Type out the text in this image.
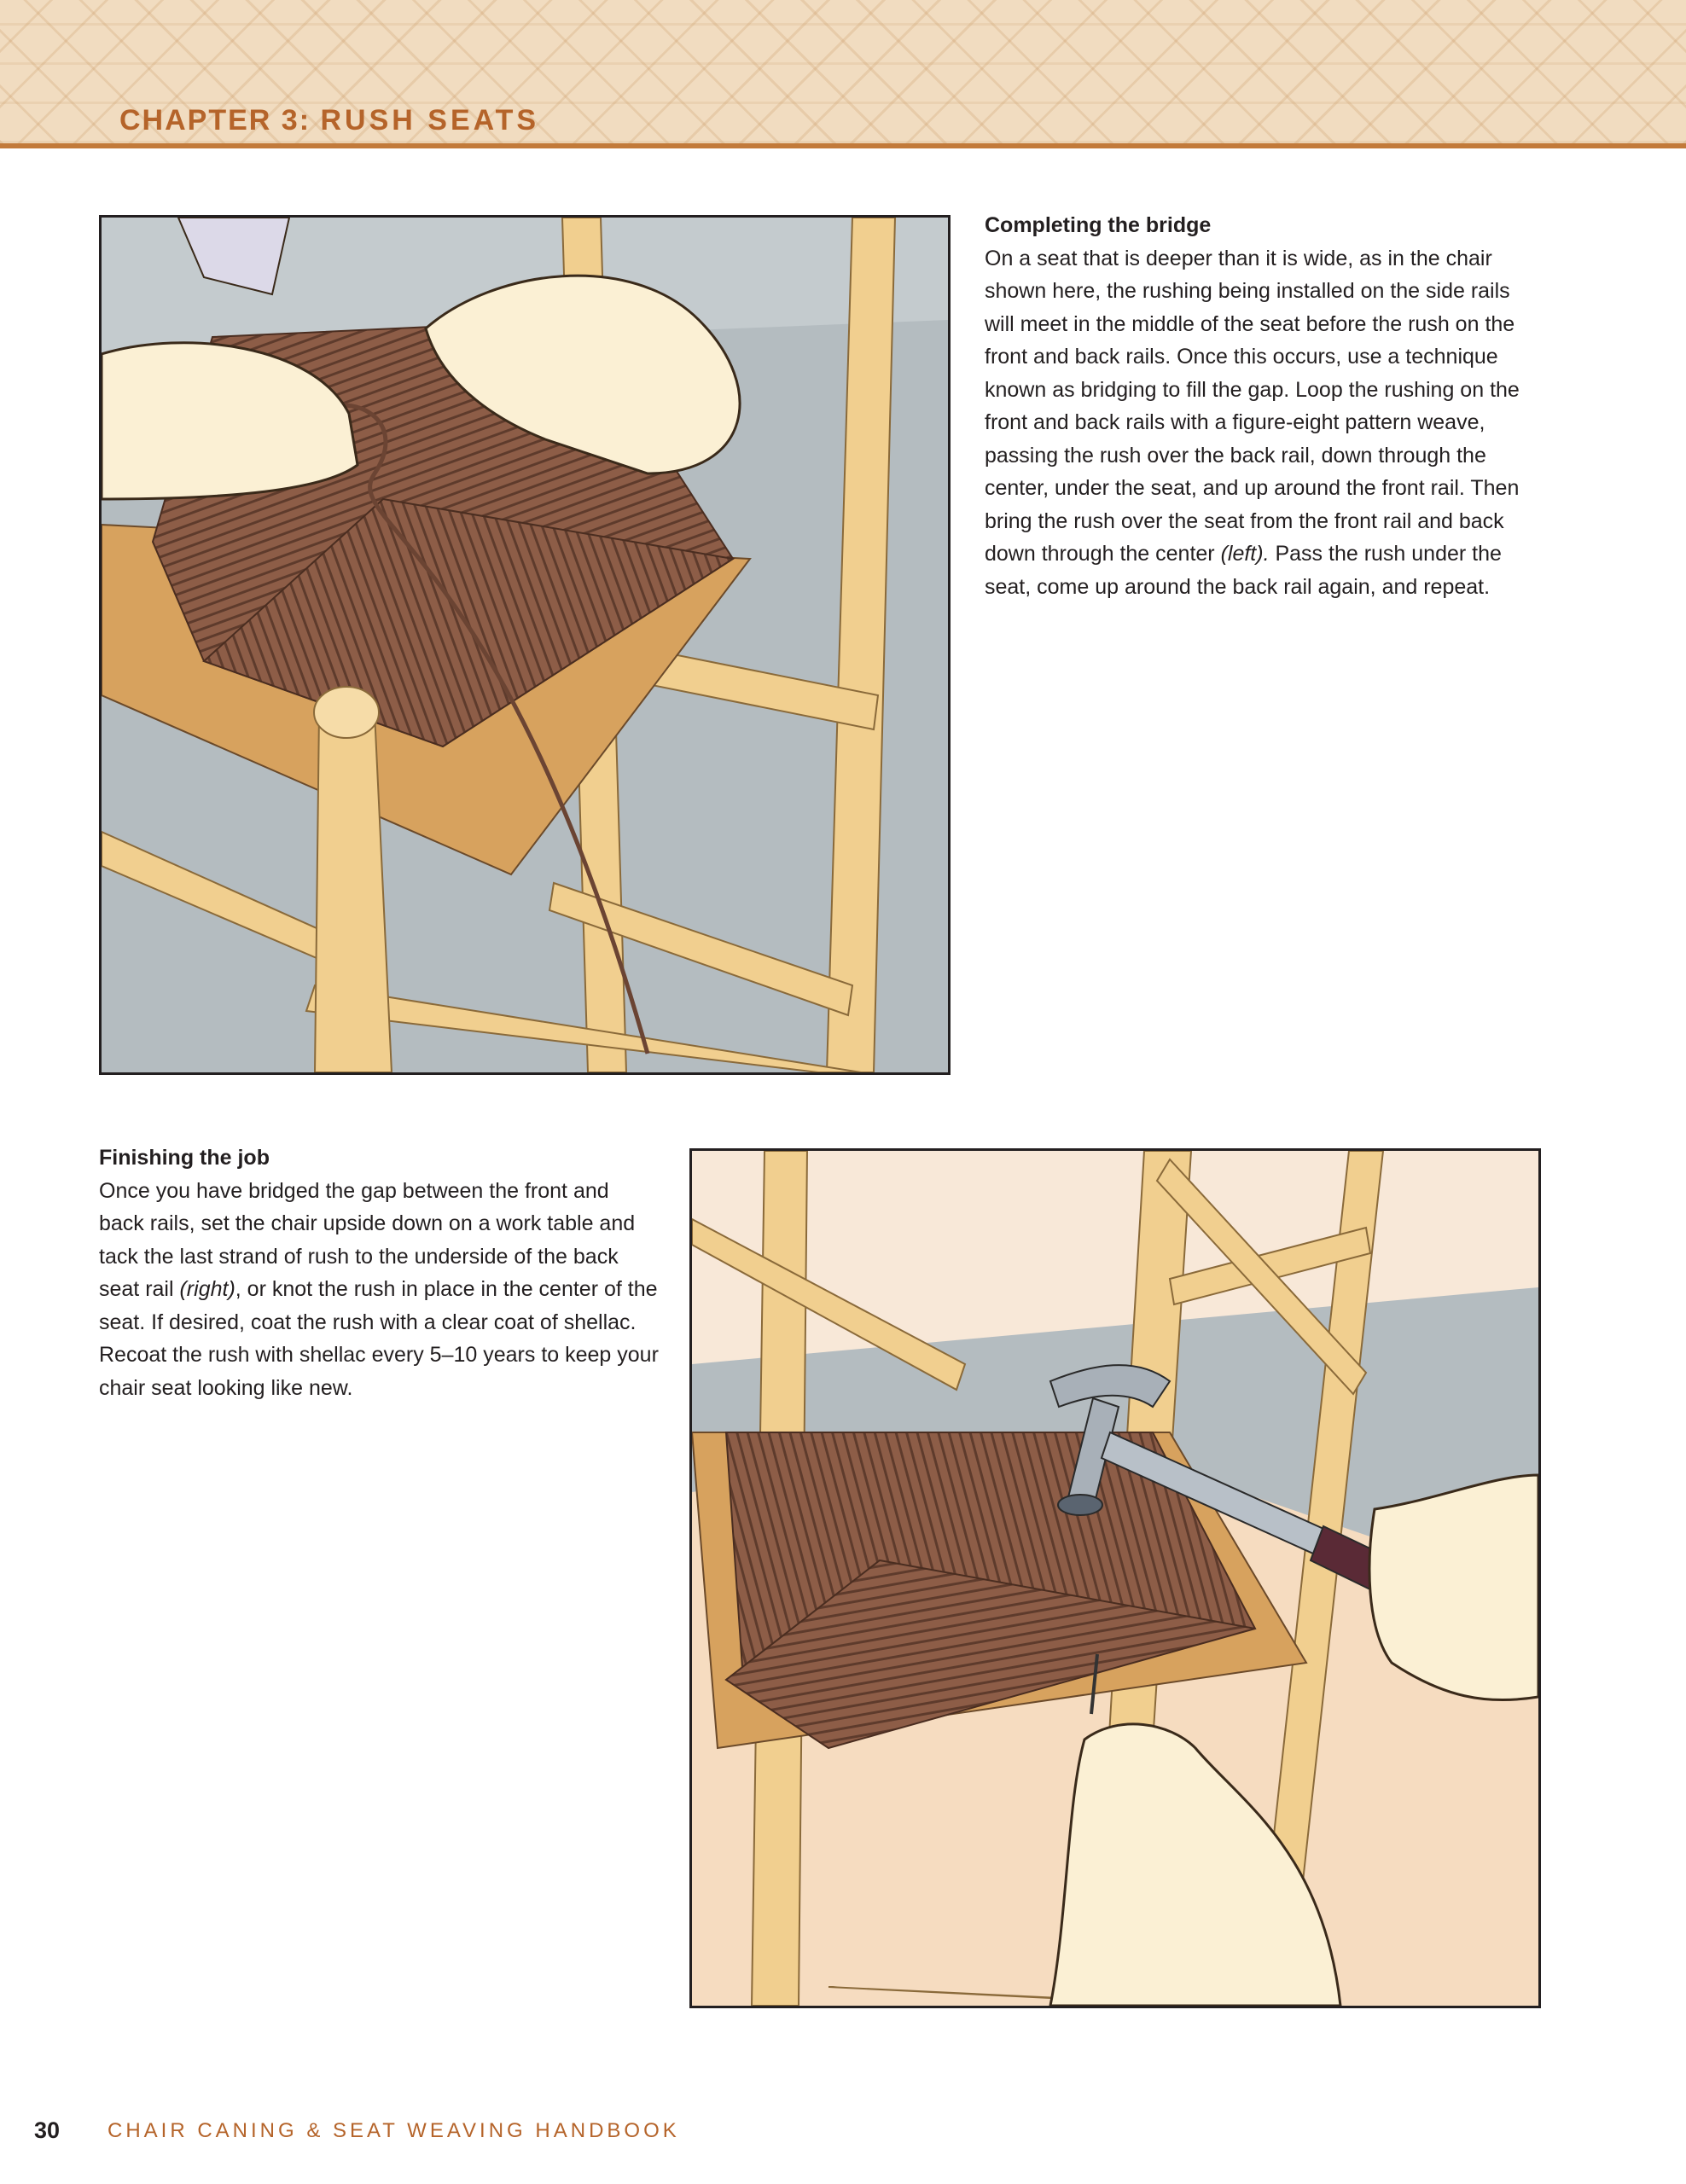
CHAPTER 3: RUSH SEATS
Completing the bridge

On a seat that is deeper than it is wide, as in the chair shown here, the rushing being installed on the side rails will meet in the middle of the seat before the rush on the front and back rails. Once this occurs, use a technique known as bridging to fill the gap. Loop the rushing on the front and back rails with a figure-eight pattern weave, passing the rush over the back rail, down through the center, under the seat, and up around the front rail. Then bring the rush over the seat from the front rail and back down through the center (left). Pass the rush under the seat, come up around the back rail again, and repeat.

Finishing the job

Once you have bridged the gap between the front and back rails, set the chair upside down on a work table and tack the last strand of rush to the underside of the back seat rail (right), or knot the rush in place in the center of the seat. If desired, coat the rush with a clear coat of shellac. Recoat the rush with shellac every 5–10 years to keep your chair seat looking like new.

30 CHAIR CANING & SEAT WEAVING HANDBOOK
